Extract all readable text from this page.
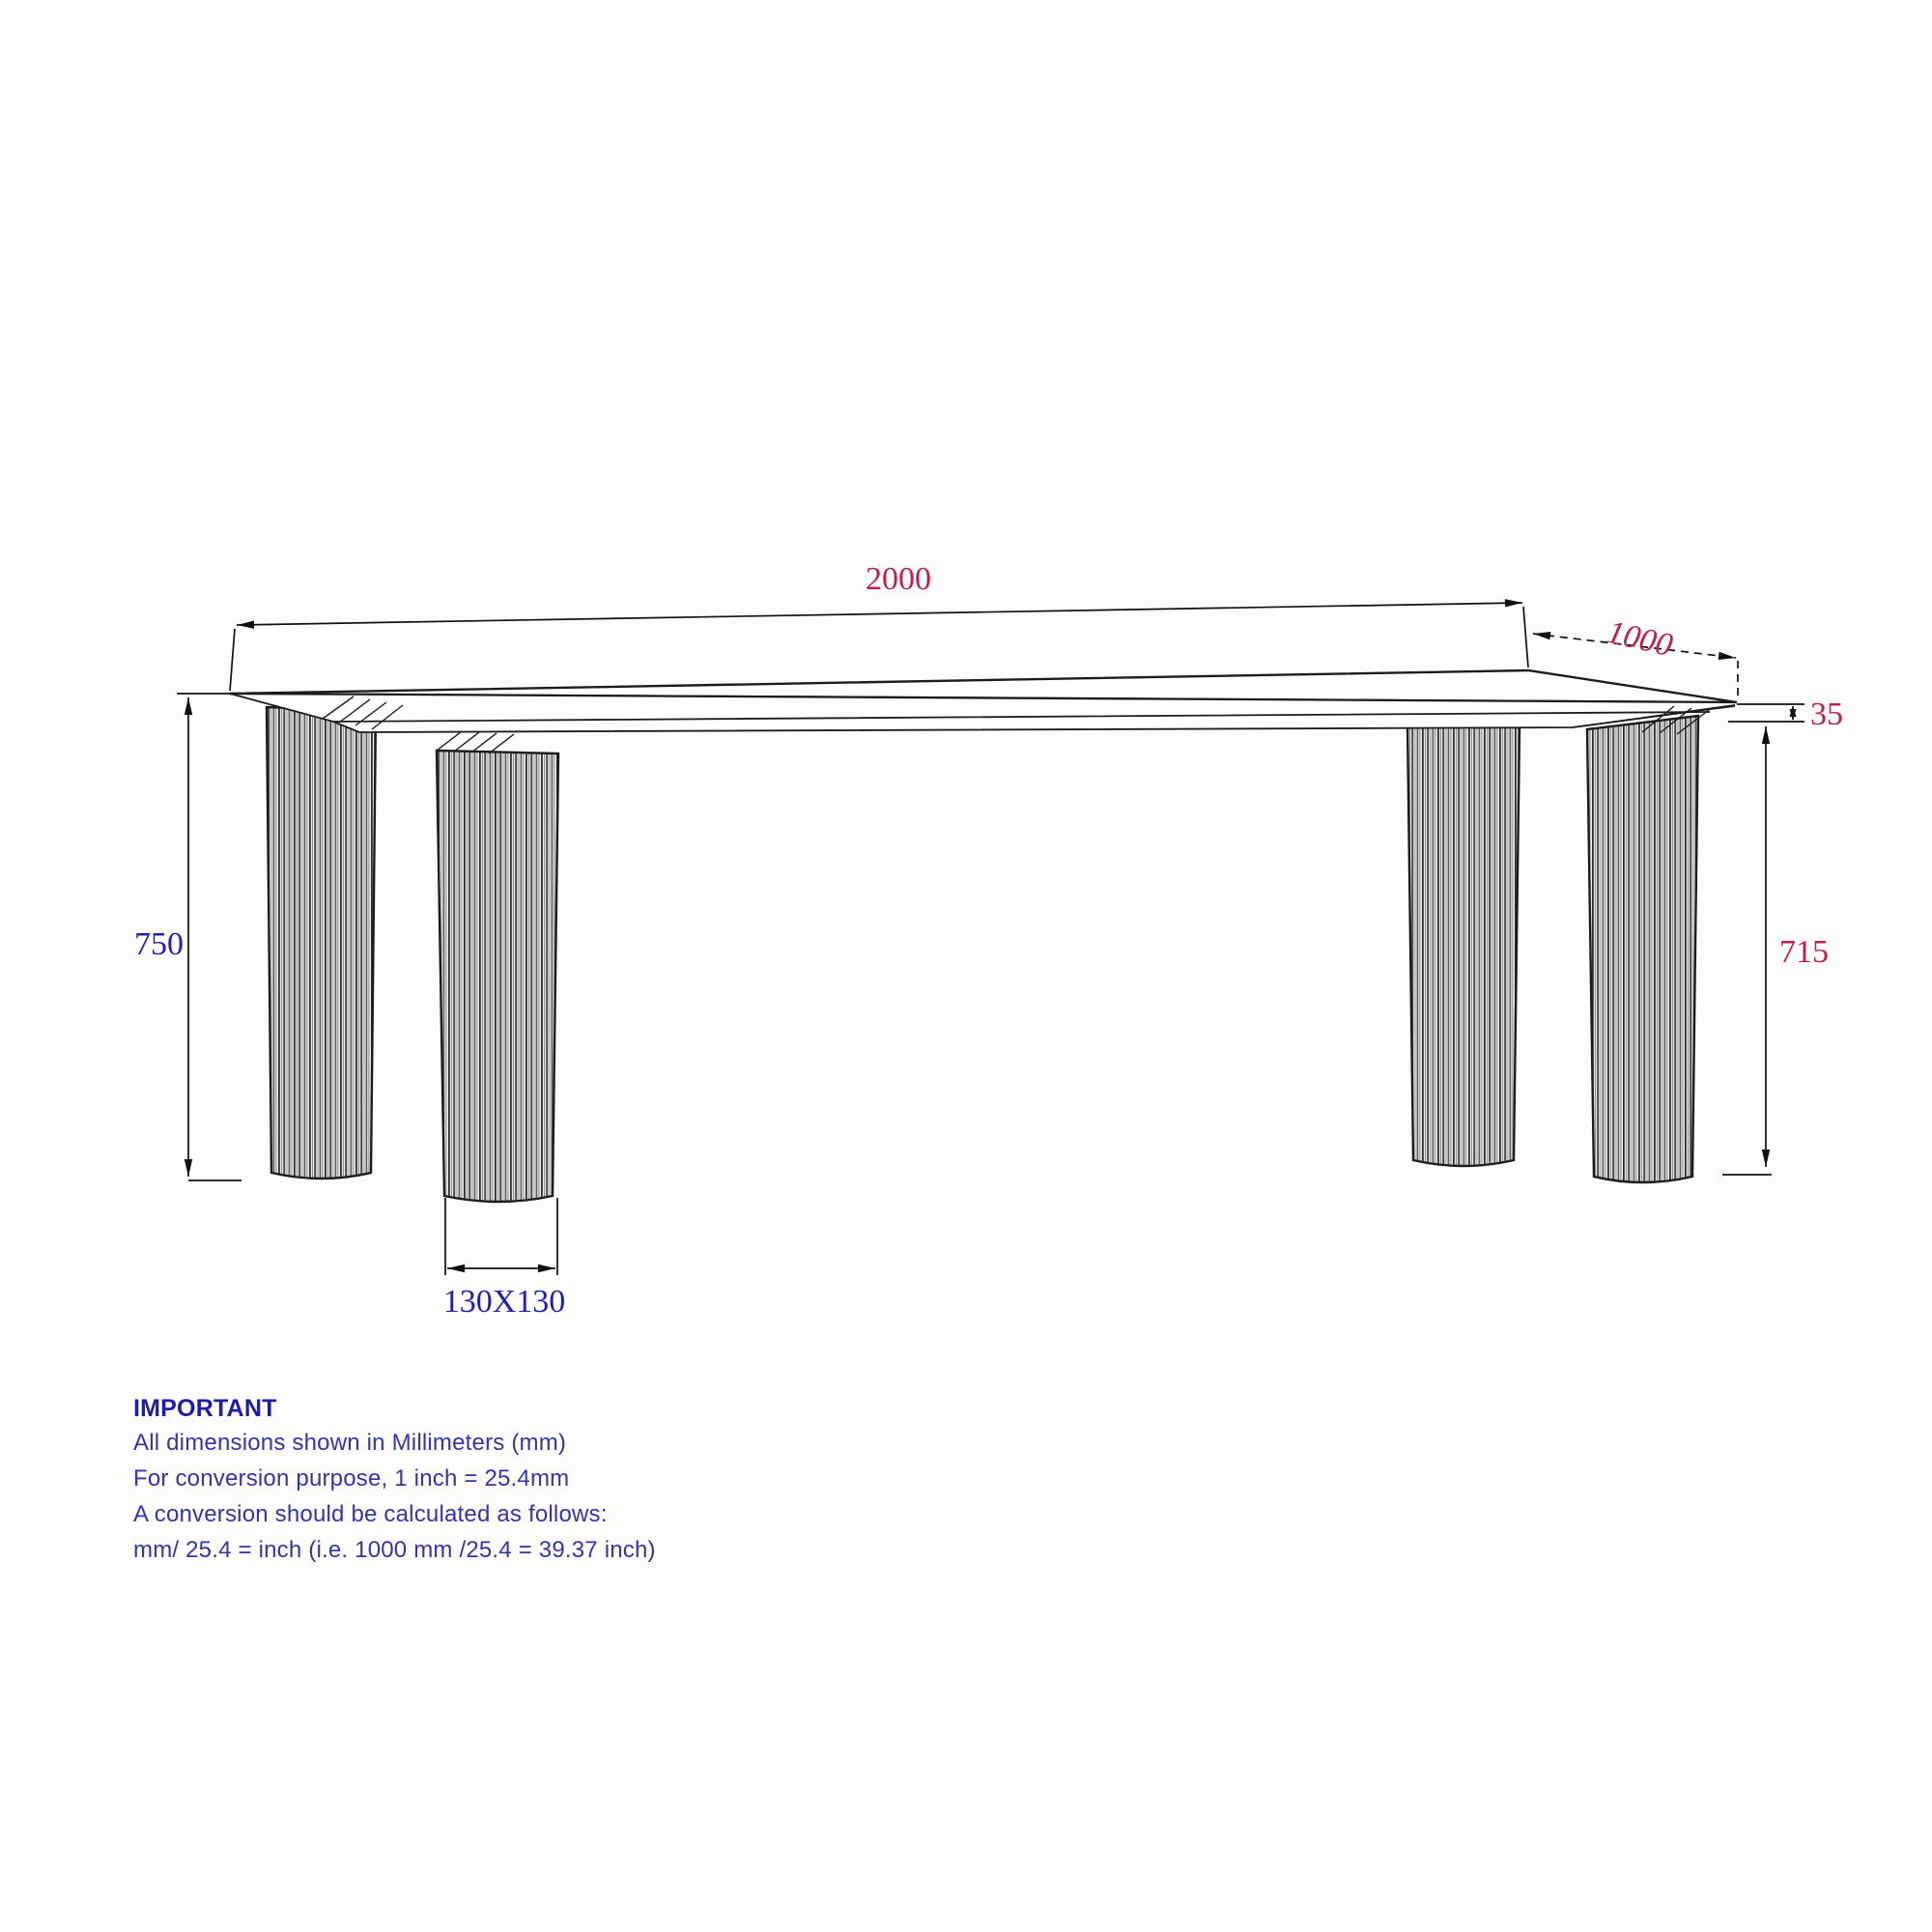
2000
1000
35
715
750
130X130
IMPORTANT
All dimensions shown in Millimeters (mm)
For conversion purpose, 1 inch = 25.4mm
A conversion should be calculated as follows:
mm/ 25.4 = inch (i.e. 1000 mm /25.4 = 39.37 inch)
